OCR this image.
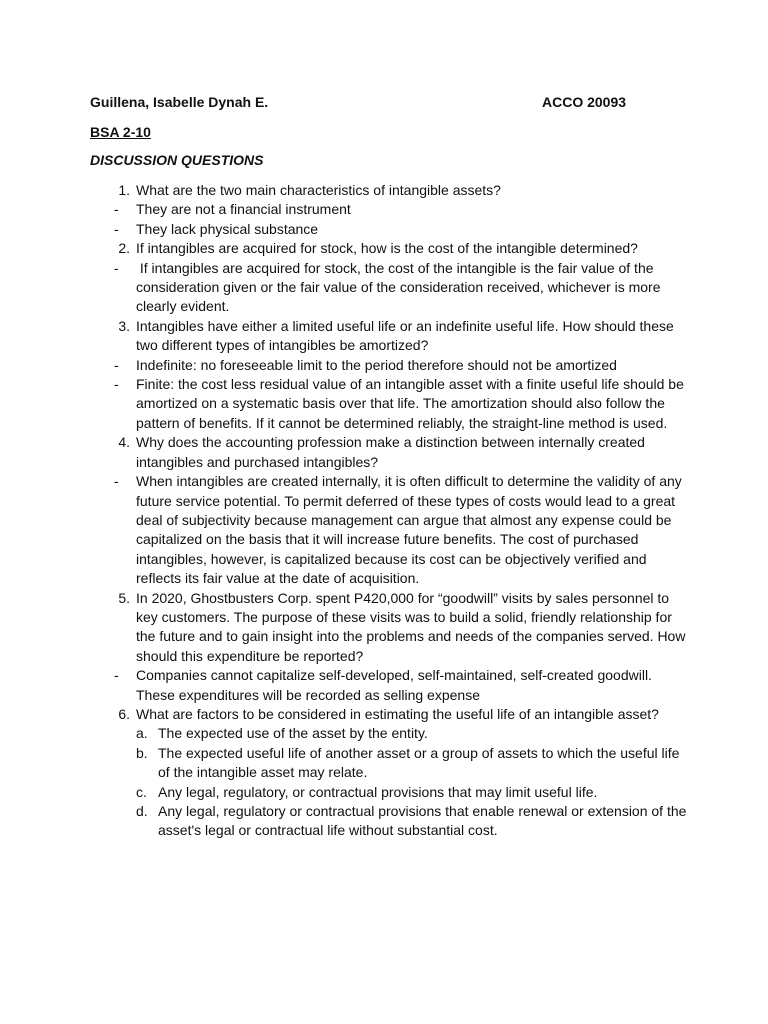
Guillena, Isabelle Dynah E.	ACCO 20093
BSA 2-10
DISCUSSION QUESTIONS
1. What are the two main characteristics of intangible assets?
-	They are not a financial instrument
-	They lack physical substance
2. If intangibles are acquired for stock, how is the cost of the intangible determined?
-	If intangibles are acquired for stock, the cost of the intangible is the fair value of the consideration given or the fair value of the consideration received, whichever is more clearly evident.
3. Intangibles have either a limited useful life or an indefinite useful life. How should these two different types of intangibles be amortized?
-	Indefinite: no foreseeable limit to the period therefore should not be amortized
-	Finite: the cost less residual value of an intangible asset with a finite useful life should be amortized on a systematic basis over that life. The amortization should also follow the pattern of benefits. If it cannot be determined reliably, the straight-line method is used.
4. Why does the accounting profession make a distinction between internally created intangibles and purchased intangibles?
-	When intangibles are created internally, it is often difficult to determine the validity of any future service potential. To permit deferred of these types of costs would lead to a great deal of subjectivity because management can argue that almost any expense could be capitalized on the basis that it will increase future benefits. The cost of purchased intangibles, however, is capitalized because its cost can be objectively verified and reflects its fair value at the date of acquisition.
5. In 2020, Ghostbusters Corp. spent P420,000 for “goodwill” visits by sales personnel to key customers. The purpose of these visits was to build a solid, friendly relationship for the future and to gain insight into the problems and needs of the companies served. How should this expenditure be reported?
-	Companies cannot capitalize self-developed, self-maintained, self-created goodwill. These expenditures will be recorded as selling expense
6. What are factors to be considered in estimating the useful life of an intangible asset?
a. The expected use of the asset by the entity.
b. The expected useful life of another asset or a group of assets to which the useful life of the intangible asset may relate.
c. Any legal, regulatory, or contractual provisions that may limit useful life.
d. Any legal, regulatory or contractual provisions that enable renewal or extension of the asset's legal or contractual life without substantial cost.
